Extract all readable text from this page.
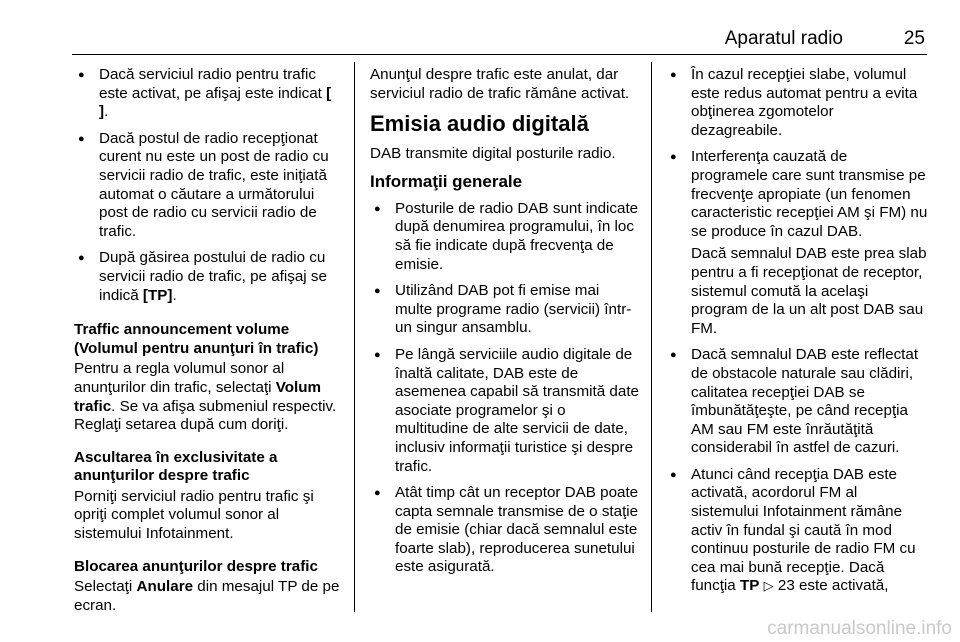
Aparatul radio	25
● Dacă serviciul radio pentru trafic este activat, pe afişaj este indicat [ ].
● Dacă postul de radio recepţionat curent nu este un post de radio cu servicii radio de trafic, este iniţiată automat o căutare a următorului post de radio cu servicii radio de trafic.
● După găsirea postului de radio cu servicii radio de trafic, pe afişaj se indică [TP].
Traffic announcement volume (Volumul pentru anunţuri în trafic)

Pentru a regla volumul sonor al anunţurilor din trafic, selectaţi Volum trafic. Se va afişa submeniul respectiv. Reglaţi setarea după cum doriţi.

Ascultarea în exclusivitate a anunţurilor despre trafic

Porniţi serviciul radio pentru trafic şi opriţi complet volumul sonor al sistemului Infotainment.

Blocarea anunţurilor despre trafic

Selectaţi Anulare din mesajul TP de pe ecran.

Anunţul despre trafic este anulat, dar serviciul radio de trafic rămâne activat.

Emisia audio digitală

DAB transmite digital posturile radio.

Informaţii generale
● Posturile de radio DAB sunt indicate după denumirea programului, în loc să fie indicate după frecvenţa de emisie.
● Utilizând DAB pot fi emise mai multe programe radio (servicii) într-un singur ansamblu.
● Pe lângă serviciile audio digitale de înaltă calitate, DAB este de asemenea capabil să transmită date asociate programelor şi o multitudine de alte servicii de date, inclusiv informaţii turistice şi despre trafic.
● Atât timp cât un receptor DAB poate capta semnale transmise de o staţie de emisie (chiar dacă semnalul este foarte slab), reproducerea sunetului este asigurată.
● În cazul recepţiei slabe, volumul este redus automat pentru a evita obţinerea zgomotelor dezagreabile.
● Interferenţa cauzată de programele care sunt transmise pe frecvenţe apropiate (un fenomen caracteristic recepţiei AM şi FM) nu se produce în cazul DAB.
Dacă semnalul DAB este prea slab pentru a fi recepţionat de receptor, sistemul comută la acelaşi program de la un alt post DAB sau FM.
● Dacă semnalul DAB este reflectat de obstacole naturale sau clădiri, calitatea recepţiei DAB se îmbunătăţeşte, pe când recepţia AM sau FM este înrăutăţită considerabil în astfel de cazuri.
● Atunci când recepţia DAB este activată, acordorul FM al sistemului Infotainment rămâne activ în fundal şi caută în mod continuu posturile de radio FM cu cea mai bună recepţie. Dacă funcţia TP ▷ 23 este activată,
carmanualsonline.info
